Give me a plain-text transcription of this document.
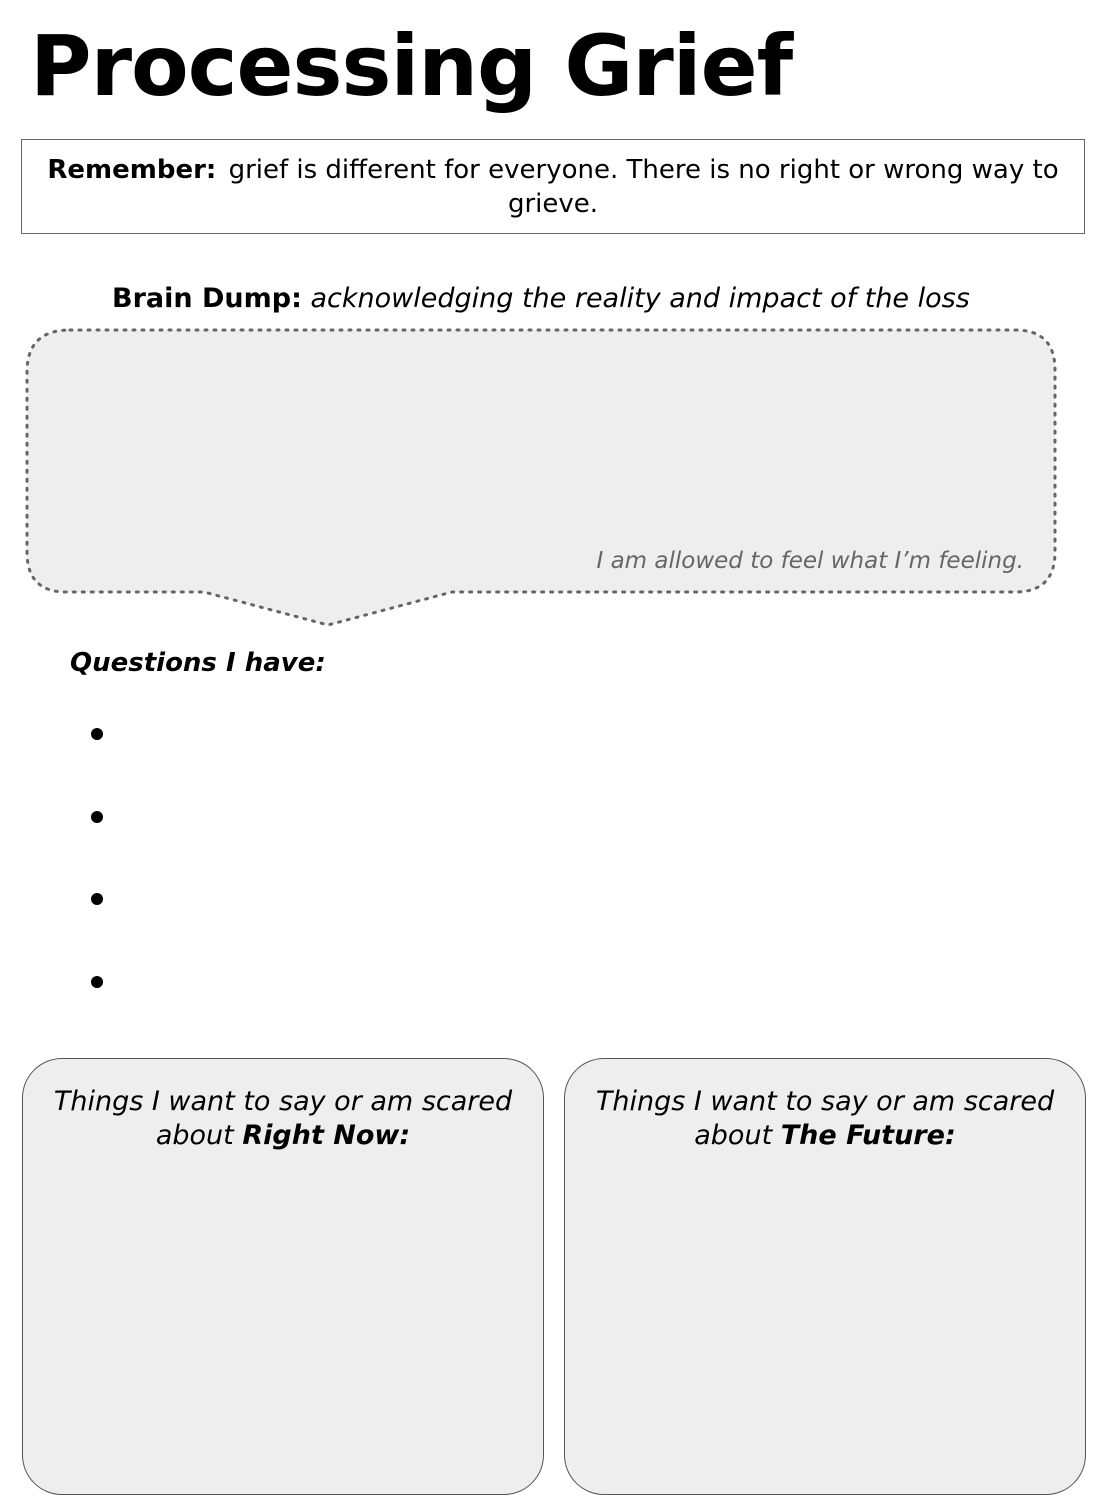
Processing Grief
Remember: grief is different for everyone. There is no right or wrong way to grieve.
Brain Dump: acknowledging the reality and impact of the loss
I am allowed to feel what I’m feeling.
Questions I have:
Things I want to say or am scared about Right Now:
Things I want to say or am scared about The Future:
